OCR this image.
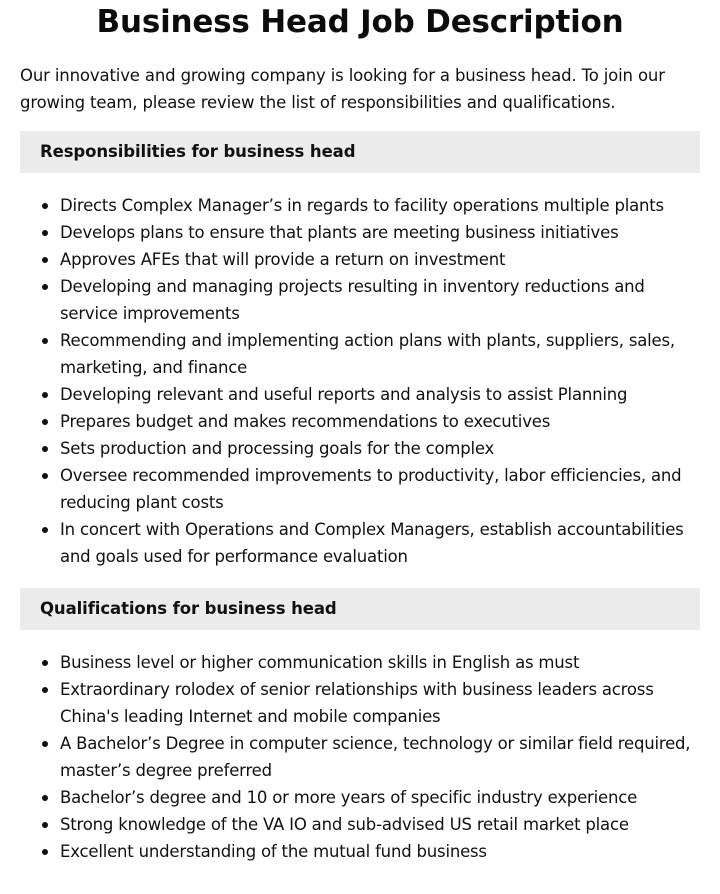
Business Head Job Description

Our innovative and growing company is looking for a business head. To join our growing team, please review the list of responsibilities and qualifications.

Responsibilities for business head
Directs Complex Manager’s in regards to facility operations multiple plants
Develops plans to ensure that plants are meeting business initiatives
Approves AFEs that will provide a return on investment
Developing and managing projects resulting in inventory reductions and service improvements
Recommending and implementing action plans with plants, suppliers, sales, marketing, and finance
Developing relevant and useful reports and analysis to assist Planning
Prepares budget and makes recommendations to executives
Sets production and processing goals for the complex
Oversee recommended improvements to productivity, labor efficiencies, and reducing plant costs
In concert with Operations and Complex Managers, establish accountabilities and goals used for performance evaluation
Qualifications for business head
Business level or higher communication skills in English as must
Extraordinary rolodex of senior relationships with business leaders across China's leading Internet and mobile companies
A Bachelor’s Degree in computer science, technology or similar field required, master’s degree preferred
Bachelor’s degree and 10 or more years of specific industry experience
Strong knowledge of the VA IO and sub-advised US retail market place
Excellent understanding of the mutual fund business
